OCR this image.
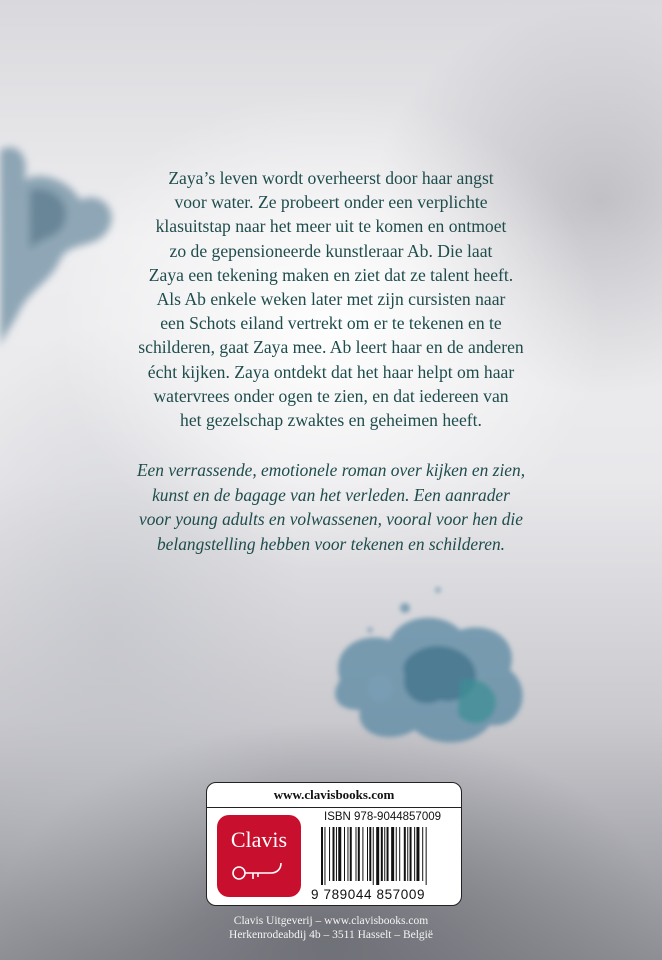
Zaya’s leven wordt overheerst door haar angst
voor water. Ze probeert onder een verplichte
klasuitstap naar het meer uit te komen en ontmoet
zo de gepensioneerde kunstleraar Ab. Die laat
Zaya een tekening maken en ziet dat ze talent heeft.
Als Ab enkele weken later met zijn cursisten naar
een Schots eiland vertrekt om er te tekenen en te
schilderen, gaat Zaya mee. Ab leert haar en de anderen
écht kijken. Zaya ontdekt dat het haar helpt om haar
watervrees onder ogen te zien, en dat iedereen van
het gezelschap zwaktes en geheimen heeft.

Een verrassende, emotionele roman over kijken en zien,
kunst en de bagage van het verleden. Een aanrader
voor young adults en volwassenen, vooral voor hen die
belangstelling hebben voor tekenen en schilderen.

www.clavisbooks.com
Clavis
ISBN 978-9044857009
9 789044 857009
Clavis Uitgeverij – www.clavisbooks.com
Herkenrodeabdij 4b – 3511 Hasselt – België
